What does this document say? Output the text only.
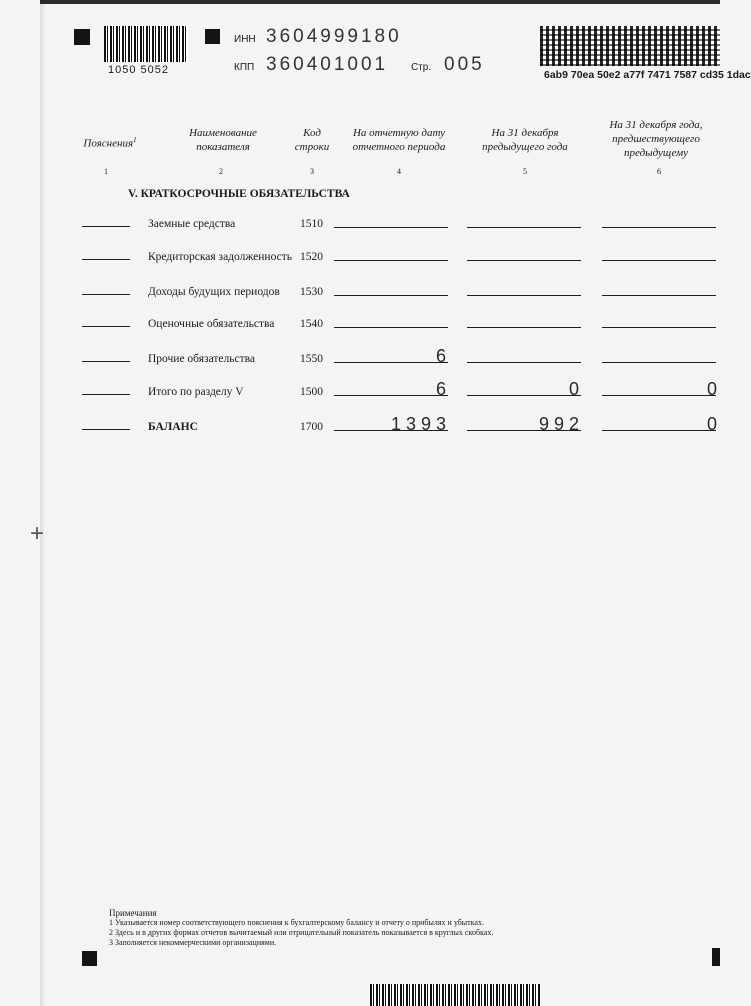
1050 5052
ИНН 3604999180
КПП 360401001 Стр. 005	6ab9 70ea 50e2 a77f 7471 7587 cd35 1dac
Пояснения$^1$
Наименование показателя
Код строки
На отчетную дату отчетного периода
На 31 декабря предыдущего года
На 31 декабря года, предшествующего предыдущему
1	2	3	4	5	6
V. КРАТКОСРОЧНЫЕ ОБЯЗАТЕЛЬСТВА
Заемные средства	1510
Кредиторская задолженность 1520
Доходы будущих периодов 1530
Оценочные обязательства 1540
Прочие обязательства	1550	6
Итого по разделу V	1500	6	0	0
БАЛАНС	1700	1393	992	0
+
Примечания
1 Указывается номер соответствующего пояснения к бухгалтерскому балансу и отчету о прибылях и убытках.
2 Здесь и в других формах отчетов вычитаемый или отрицательный показатель показывается в круглых скобках.
3 Заполняется некоммерческими организациями.
